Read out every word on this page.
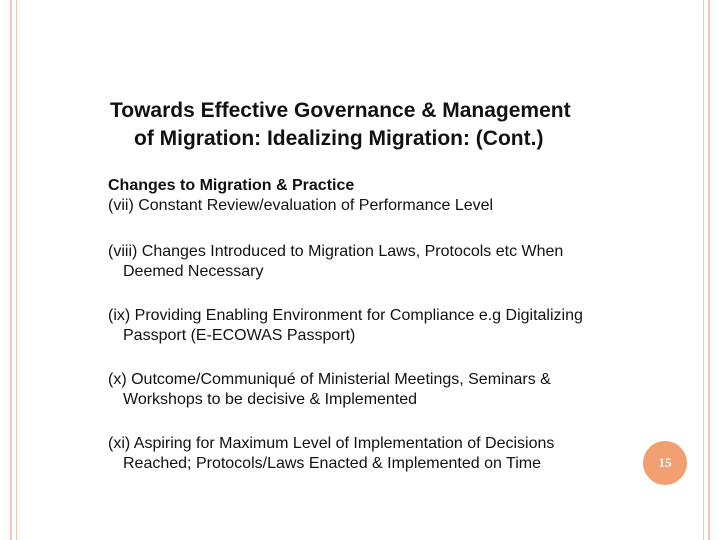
Towards Effective Governance & Management
of Migration: Idealizing Migration: (Cont.)
Changes to Migration & Practice
(vii) Constant Review/evaluation of Performance Level
(viii) Changes Introduced to Migration Laws, Protocols etc When
Deemed Necessary
(ix) Providing Enabling Environment for Compliance e.g Digitalizing
Passport (E-ECOWAS Passport)
(x) Outcome/Communiqué of Ministerial Meetings, Seminars &
Workshops to be decisive & Implemented
(xi) Aspiring for Maximum Level of Implementation of Decisions
Reached; Protocols/Laws Enacted & Implemented on Time	15
